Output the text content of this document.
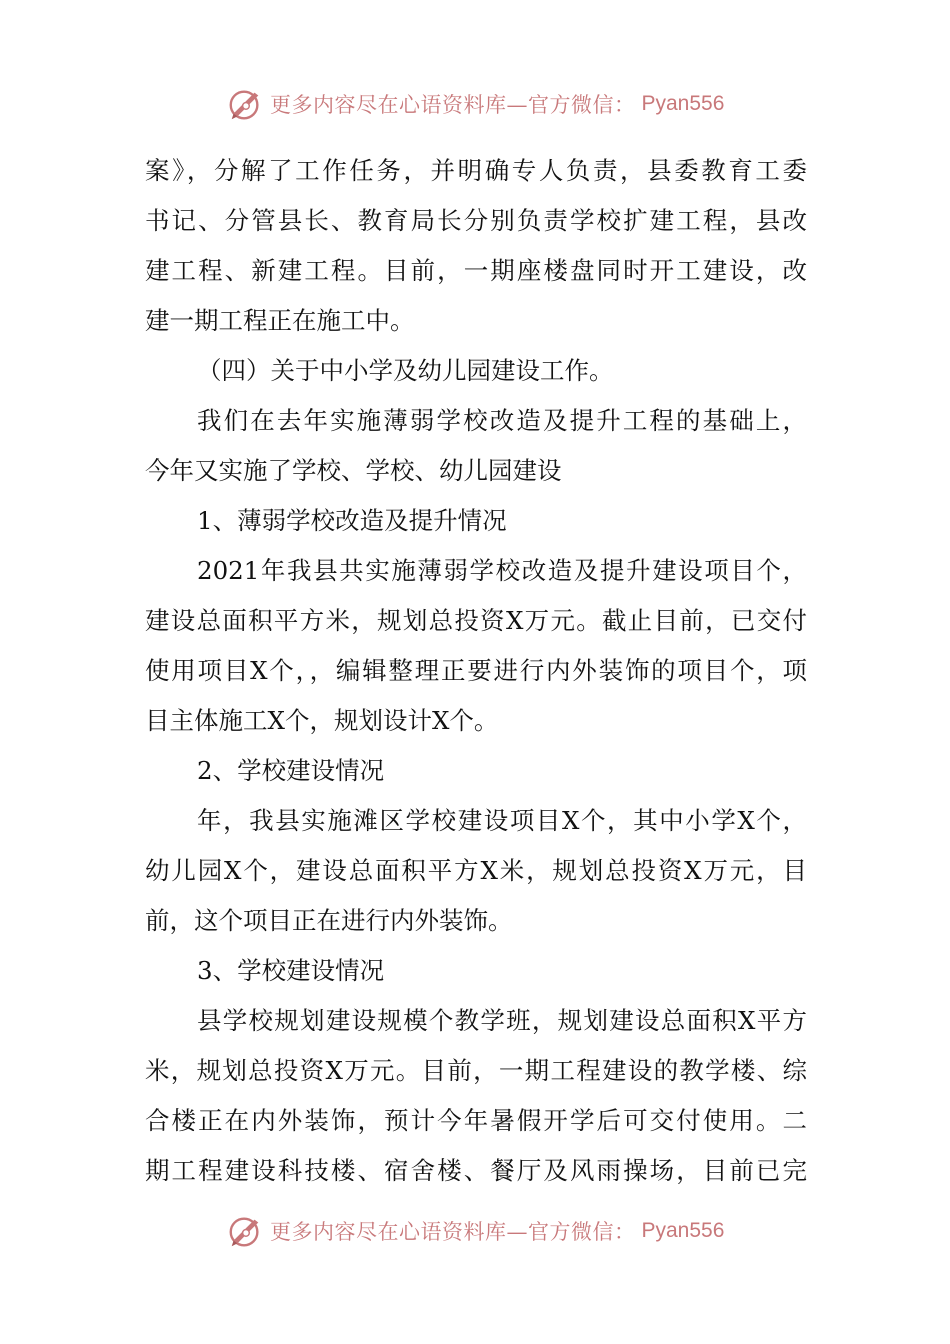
更多内容尽在心语资料库—官方微信： Pyan556
案》，分解了工作任务，并明确专人负责，县委教育工委
书记、分管县长、教育局长分别负责学校扩建工程，县改
建工程、新建工程。目前，一期座楼盘同时开工建设，改
建一期工程正在施工中。
（四）关于中小学及幼儿园建设工作。
我们在去年实施薄弱学校改造及提升工程的基础上，
今年又实施了学校、学校、幼儿园建设
1、薄弱学校改造及提升情况
2021年我县共实施薄弱学校改造及提升建设项目个，
建设总面积平方米，规划总投资X万元。截止目前，已交付
使用项目X个，，编辑整理正要进行内外装饰的项目个，项
目主体施工X个，规划设计X个。
2、学校建设情况
年，我县实施滩区学校建设项目X个，其中小学X个，
幼儿园X个，建设总面积平方X米，规划总投资X万元，目
前，这个项目正在进行内外装饰。
3、学校建设情况
县学校规划建设规模个教学班，规划建设总面积X平方
米，规划总投资X万元。目前，一期工程建设的教学楼、综
合楼正在内外装饰，预计今年暑假开学后可交付使用。二
期工程建设科技楼、宿舍楼、餐厅及风雨操场，目前已完
更多内容尽在心语资料库—官方微信： Pyan556
